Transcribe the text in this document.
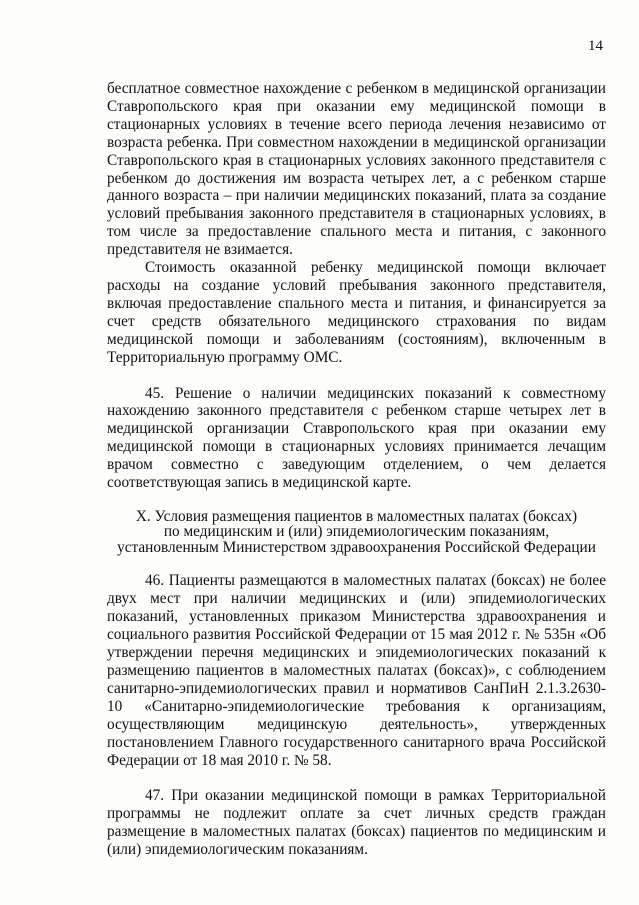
14

бесплатное совместное нахождение с ребенком в медицинской организации Ставропольского края при оказании ему медицинской помощи в стационарных условиях в течение всего периода лечения независимо от возраста ребенка. При совместном нахождении в медицинской организации Ставропольского края в стационарных условиях законного представителя с ребенком до достижения им возраста четырех лет, а с ребенком старше данного возраста – при наличии медицинских показаний, плата за создание условий пребывания законного представителя в стационарных условиях, в том числе за предоставление спального места и питания, с законного представителя не взимается.

Стоимость оказанной ребенку медицинской помощи включает расходы на создание условий пребывания законного представителя, включая предоставление спального места и питания, и финансируется за счет средств обязательного медицинского страхования по видам медицинской помощи и заболеваниям (состояниям), включенным в Территориальную программу ОМС.

45. Решение о наличии медицинских показаний к совместному нахождению законного представителя с ребенком старше четырех лет в медицинской организации Ставропольского края при оказании ему медицинской помощи в стационарных условиях принимается лечащим врачом совместно с заведующим отделением, о чем делается соответствующая запись в медицинской карте.

X. Условия размещения пациентов в маломестных палатах (боксах)
по медицинским и (или) эпидемиологическим показаниям,
установленным Министерством здравоохранения Российской Федерации

46. Пациенты размещаются в маломестных палатах (боксах) не более двух мест при наличии медицинских и (или) эпидемиологических показаний, установленных приказом Министерства здравоохранения и социального развития Российской Федерации от 15 мая 2012 г. № 535н «Об утверждении перечня медицинских и эпидемиологических показаний к размещению пациентов в маломестных палатах (боксах)», с соблюдением санитарно-эпидемиологических правил и нормативов СанПиН 2.1.3.2630-10 «Санитарно-эпидемиологические требования к организациям, осуществляющим медицинскую деятельность», утвержденных постановлением Главного государственного санитарного врача Российской Федерации от 18 мая 2010 г. № 58.

47. При оказании медицинской помощи в рамках Территориальной программы не подлежит оплате за счет личных средств граждан размещение в маломестных палатах (боксах) пациентов по медицинским и (или) эпидемиологическим показаниям.
